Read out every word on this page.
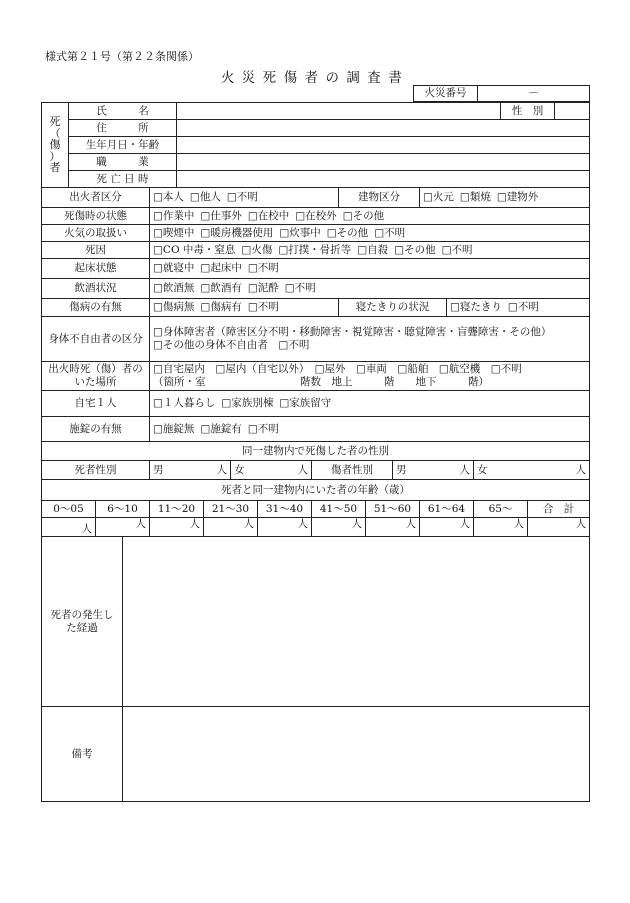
様式第２１号（第２２条関係）
火災死傷者の調査書
火災番号	－
死
（
傷
）
者	氏　　　名															性　別		
	住　　　所																	
	生年月日・年齢																	
	職　　　業																	
	死 亡 日 時																	
出火者区分				□本人 □他人 □不明						建物区分			□火元 □類焼 □建物外					
死傷時の状態				□作業中 □仕事外 □在校中 □在校外 □その他														
火気の取扱い				□喫煙中 □暖房機器使用 □炊事中 □その他 □不明														
死因				□CO 中毒・窒息 □火傷 □打撲・骨折等 □自殺 □その他 □不明														
起床状態				□就寝中 □起床中 □不明														
飲酒状況				□飲酒無 □飲酒有 □泥酔 □不明														
傷病の有無				□傷病無 □傷病有 □不明						寝たきりの状況				□寝たきり □不明				
身体不自由者の区分				□身体障害者（障害区分不明・移動障害・視覚障害・聴覚障害・盲聾障害・その他）
□その他の身体不自由者　□不明														

出火時死（傷）者のいた場所				□自宅屋内　□屋内（自宅以外）　□屋外　□車両　□船舶　□航空機　□不明
（箇所・室　　　　　　　　　階数　地上　　　階　　地下　　　階）														

自宅１人				□１人暮らし □家族別棟 □家族留守														
施錠の有無				□施錠無 □施錠有 □不明														
同一建物内で死傷した者の性別																		
死者性別				男 人			女 人		傷者性別			男 人			女 人			

死者と同一建物内にいた者の年齢（歳）																		
0～05		6～10		11～20		21～30		31～40	41～50		51～60		61～64		65～		合　計	
人		人		人		人		人	人		人		人		人		人	
死者の発生した経過																		
備考																		
